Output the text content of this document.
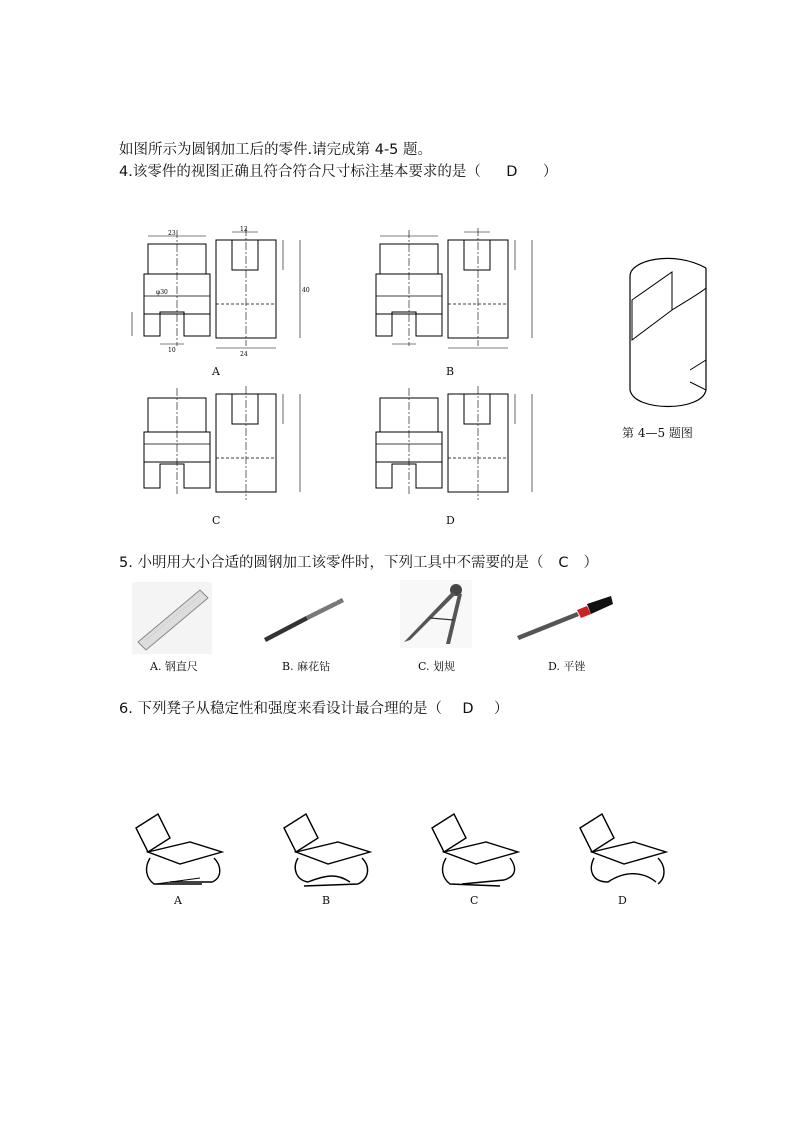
如图所示为圆钢加工后的零件.请完成第 4-5 题。
4.该零件的视图正确且符合符合尺寸标注基本要求的是（ D ）
23
φ30
10
12
24
40
A	B
C	D
第 4—5 题图
5. 小明用大小合适的圆钢加工该零件时，下列工具中不需要的是（ C ）
A. 钢直尺	B. 麻花钻	C. 划规	D. 平锉
6. 下列凳子从稳定性和强度来看设计最合理的是（ D ）
A	B	C	D
